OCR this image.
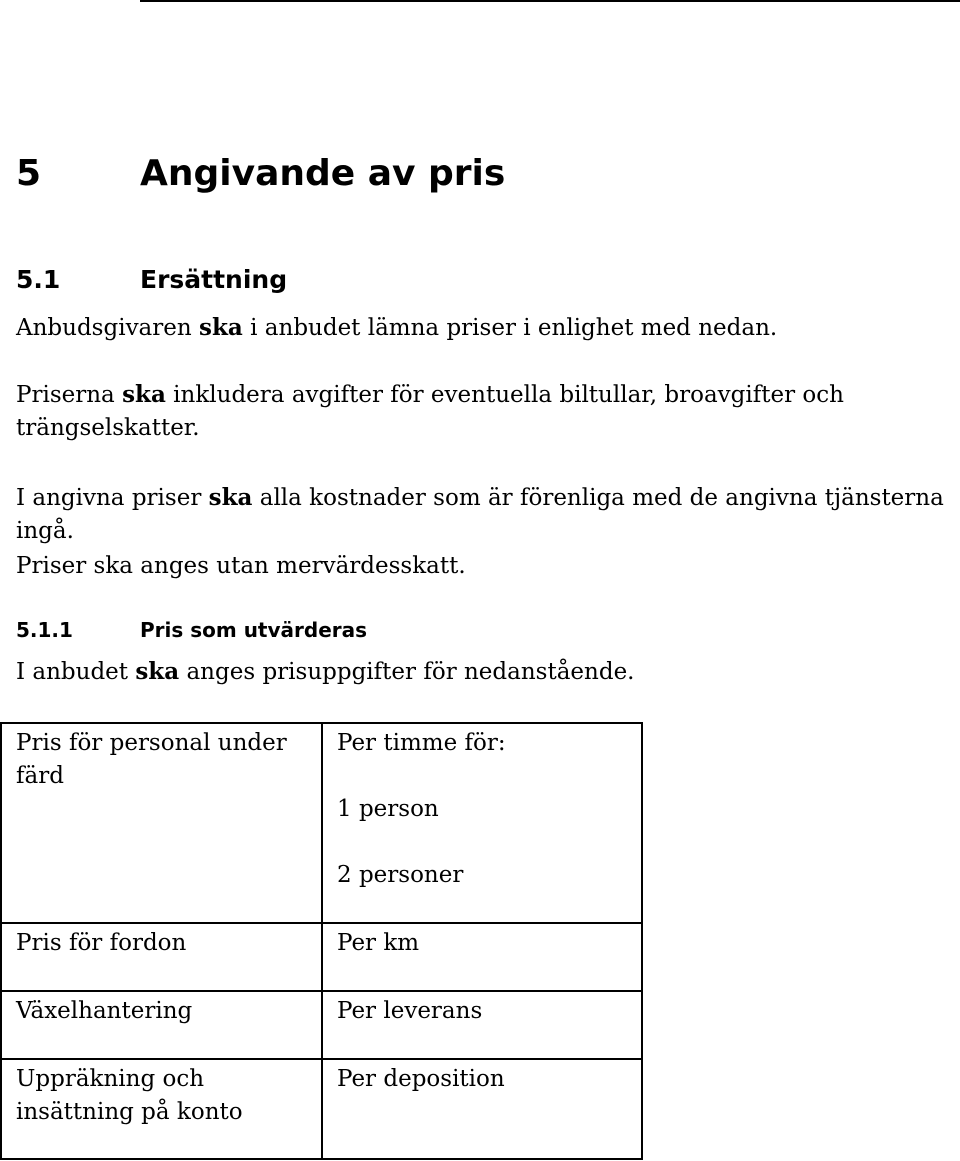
5	Angivande av pris
5.1	Ersättning
Anbudsgivaren ska i anbudet lämna priser i enlighet med nedan.
Priserna ska inkludera avgifter för eventuella biltullar, broavgifter och trängselskatter.
I angivna priser ska alla kostnader som är förenliga med de angivna tjänsterna ingå.
Priser ska anges utan mervärdesskatt.
5.1.1	Pris som utvärderas
I anbudet ska anges prisuppgifter för nedanstående.
Pris för personal under färd	Per timme för:
1 person
2 personer

Pris för fordon	Per km

Växelhantering	Per leverans

Uppräkning och insättning på konto	Per deposition
